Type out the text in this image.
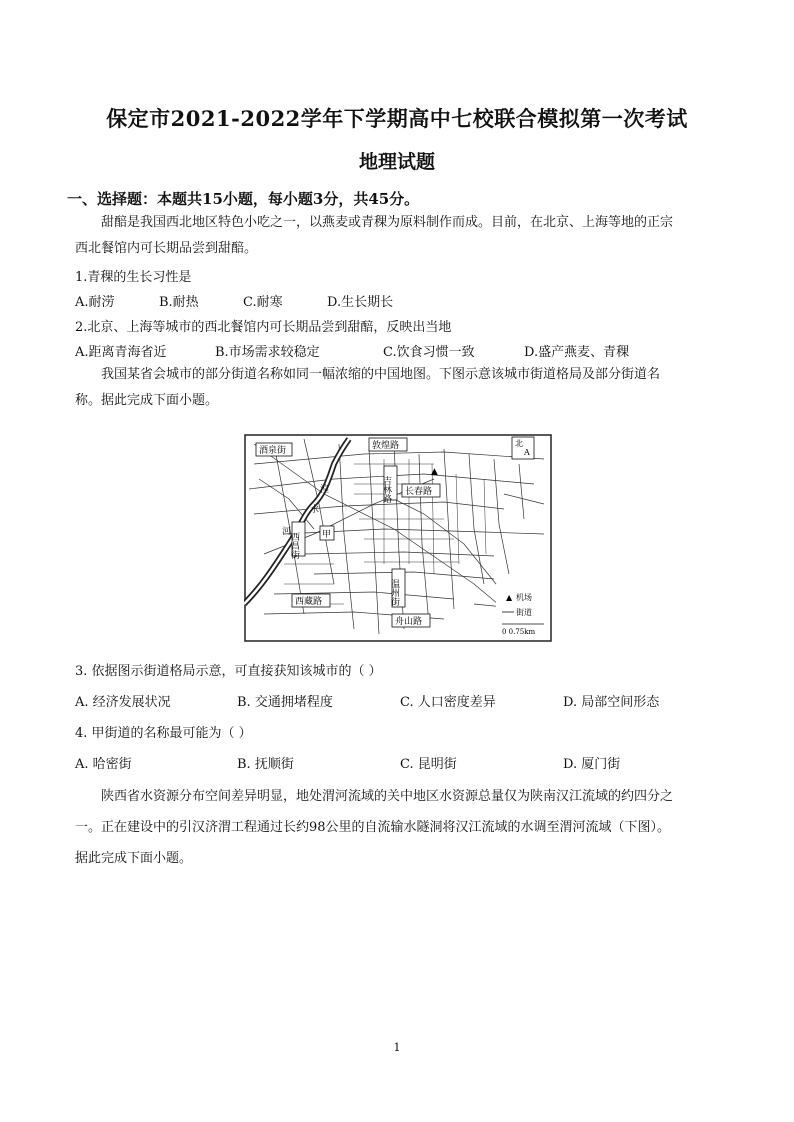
保定市2021-2022学年下学期高中七校联合模拟第一次考试
地理试题
一、选择题：本题共15小题，每小题3分，共45分。
甜醅是我国西北地区特色小吃之一，以燕麦或青稞为原料制作而成。目前，在北京、上海等地的正宗
西北餐馆内可长期品尝到甜醅。
1.青稞的生长习性是
A.耐涝	B.耐热	C.耐寒	D.生长期长
2.北京、上海等城市的西北餐馆内可长期品尝到甜醅，反映出当地
A.距离青海省近	B.市场需求较稳定	C.饮食习惯一致	D.盛产燕麦、青稞
我国某省会城市的部分街道名称如同一幅浓缩的中国地图。下图示意该城市街道格局及部分街道名
称。据此完成下面小题。
湟
水
河
酒泉街	敦煌路
吉林路 长春路
▲
西昌街	甲
西藏路	温州街
舟山路
北
A
▲ 机场
街道
0 0.75km
3. 依据图示街道格局示意，可直接获知该城市的（ ）
A. 经济发展状况	B. 交通拥堵程度	C. 人口密度差异	D. 局部空间形态
4. 甲街道的名称最可能为（ ）
A. 哈密街	B. 抚顺街	C. 昆明街	D. 厦门街
陕西省水资源分布空间差异明显，地处渭河流域的关中地区水资源总量仅为陕南汉江流域的约四分之
一。正在建设中的引汉济渭工程通过长约98公里的自流输水隧洞将汉江流域的水调至渭河流域（下图）。
据此完成下面小题。
1
